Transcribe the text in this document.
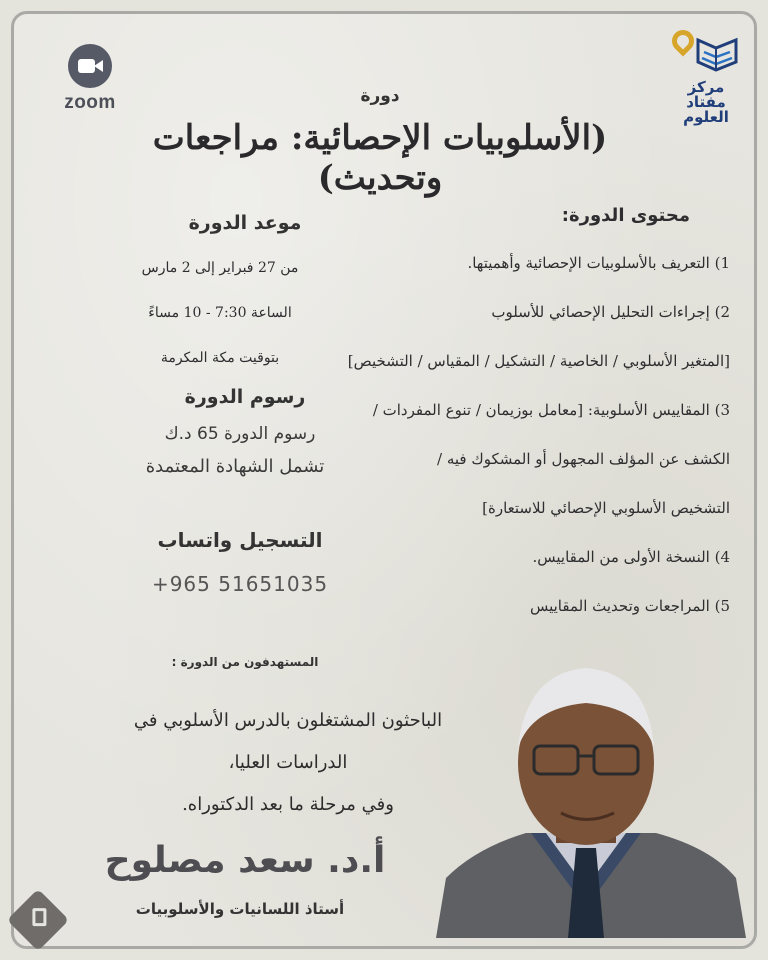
zoom
مركز
مفتاد
العلوم
دورة
(الأسلوبيات الإحصائية: مراجعات وتحديث)
محتوى الدورة:
1) التعريف بالأسلوبيات الإحصائية وأهميتها.
2) إجراءات التحليل الإحصائي للأسلوب
[المتغير الأسلوبي / الخاصية / التشكيل / المقياس / التشخيص]
3) المقاييس الأسلوبية: [معامل بوزيمان / تنوع المفردات /
الكشف عن المؤلف المجهول أو المشكوك فيه /
التشخيص الأسلوبي الإحصائي للاستعارة]
4) النسخة الأولى من المقاييس.
5) المراجعات وتحديث المقاييس
موعد الدورة
من 27 فبراير إلى 2 مارس
الساعة 7:30 - 10 مساءً
بتوقيت مكة المكرمة
رسوم الدورة
رسوم الدورة 65 د.ك
تشمل الشهادة المعتمدة
التسجيل واتساب
+965 51651035
المستهدفون من الدورة :
الباحثون المشتغلون بالدرس الأسلوبي في الدراسات العليا،
وفي مرحلة ما بعد الدكتوراه.
أ.د. سعد مصلوح
أستاذ اللسانيات والأسلوبيات
